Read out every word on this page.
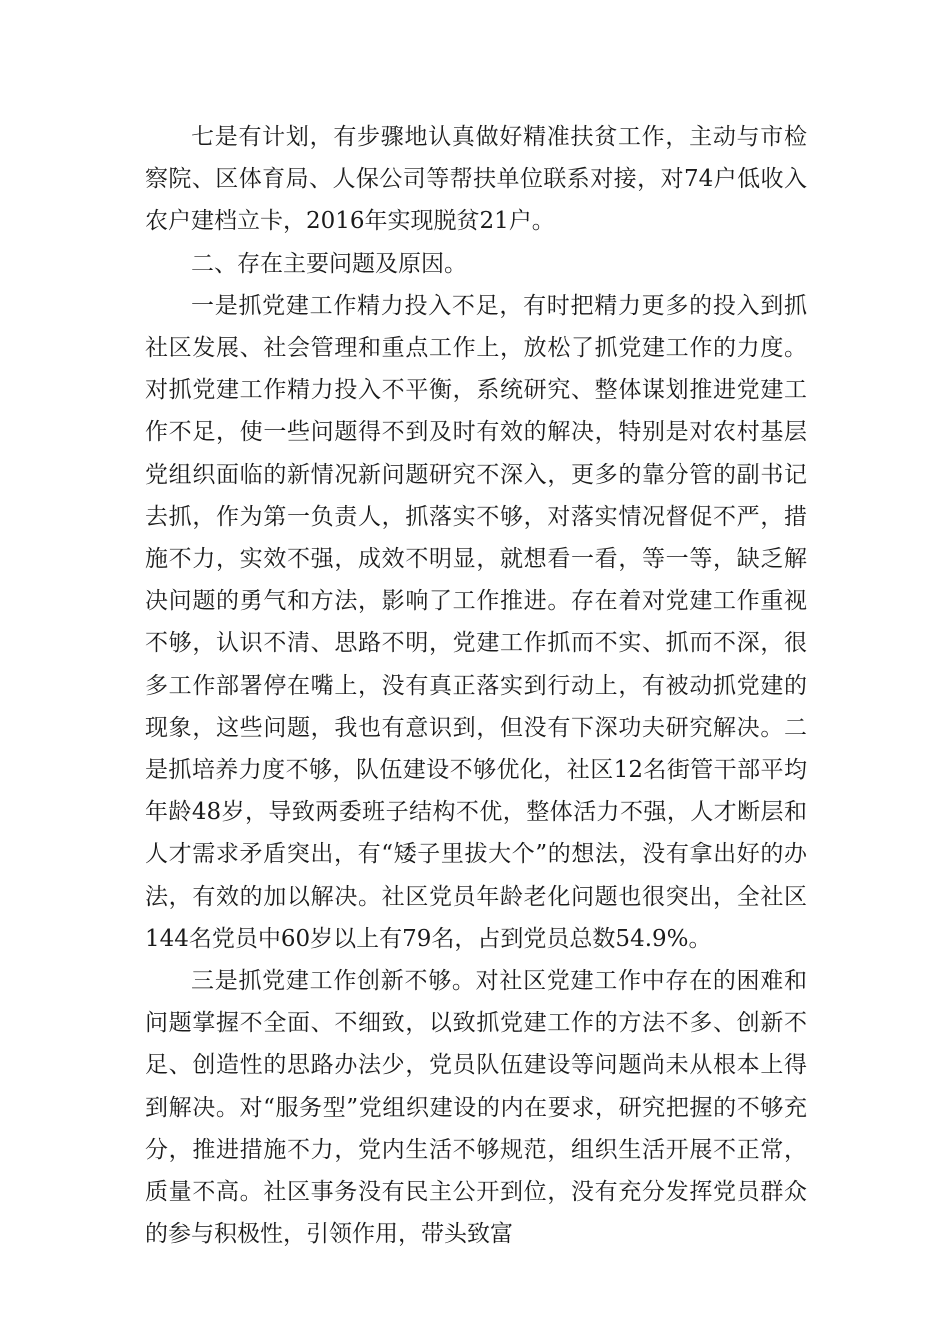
七是有计划，有步骤地认真做好精准扶贫工作，主动与市检察院、区体育局、人保公司等帮扶单位联系对接，对74户低收入农户建档立卡，2016年实现脱贫21户。

二、存在主要问题及原因。

一是抓党建工作精力投入不足，有时把精力更多的投入到抓社区发展、社会管理和重点工作上，放松了抓党建工作的力度。对抓党建工作精力投入不平衡，系统研究、整体谋划推进党建工作不足，使一些问题得不到及时有效的解决，特别是对农村基层党组织面临的新情况新问题研究不深入，更多的靠分管的副书记去抓，作为第一负责人，抓落实不够，对落实情况督促不严，措施不力，实效不强，成效不明显，就想看一看，等一等，缺乏解决问题的勇气和方法，影响了工作推进。存在着对党建工作重视不够，认识不清、思路不明，党建工作抓而不实、抓而不深，很多工作部署停在嘴上，没有真正落实到行动上，有被动抓党建的现象，这些问题，我也有意识到，但没有下深功夫研究解决。二是抓培养力度不够，队伍建设不够优化，社区12名街管干部平均年龄48岁，导致两委班子结构不优，整体活力不强，人才断层和人才需求矛盾突出，有“矮子里拔大个”的想法，没有拿出好的办法，有效的加以解决。社区党员年龄老化问题也很突出，全社区144名党员中60岁以上有79名，占到党员总数54.9%。

三是抓党建工作创新不够。对社区党建工作中存在的困难和问题掌握不全面、不细致，以致抓党建工作的方法不多、创新不足、创造性的思路办法少，党员队伍建设等问题尚未从根本上得到解决。对“服务型”党组织建设的内在要求，研究把握的不够充分，推进措施不力，党内生活不够规范，组织生活开展不正常，质量不高。社区事务没有民主公开到位，没有充分发挥党员群众的参与积极性，引领作用，带头致富
